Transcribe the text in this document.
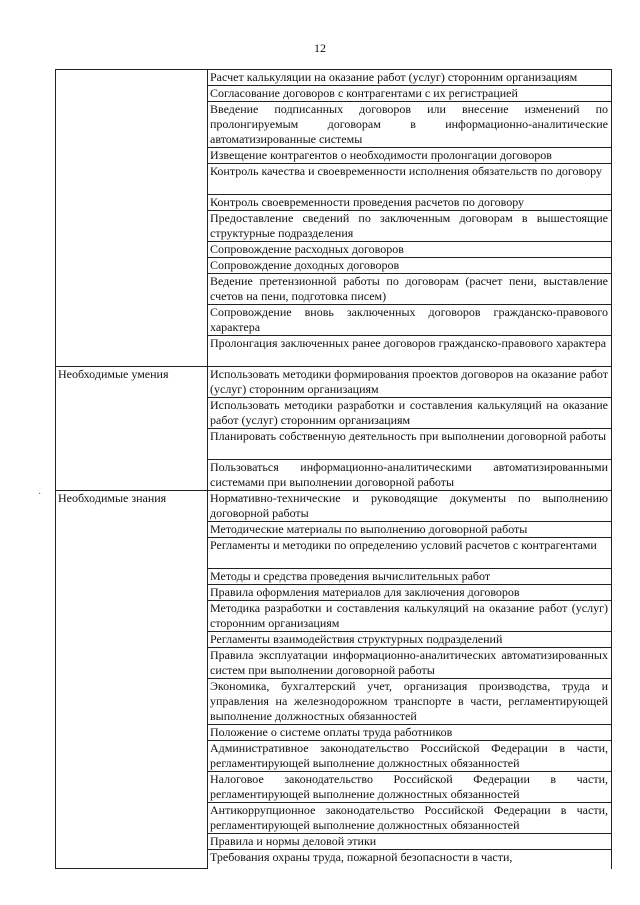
12
·
	Расчет калькуляции на оказание работ (услуг) сторонним организациям
	Согласование договоров с контрагентами с их регистрацией
	Введение подписанных договоров или внесение изменений по пролонгируемым договорам в информационно-аналитические автоматизированные системы
	Извещение контрагентов о необходимости пролонгации договоров
	Контроль качества и своевременности исполнения обязательств по договору
	Контроль своевременности проведения расчетов по договору
	Предоставление сведений по заключенным договорам в вышестоящие структурные подразделения
	Сопровождение расходных договоров
	Сопровождение доходных договоров
	Ведение претензионной работы по договорам (расчет пени, выставление счетов на пени, подготовка писем)
	Сопровождение вновь заключенных договоров гражданско-правового характера
	Пролонгация заключенных ранее договоров гражданско-правового характера
Необходимые умения	Использовать методики формирования проектов договоров на оказание работ (услуг) сторонним организациям
	Использовать методики разработки и составления калькуляций на оказание работ (услуг) сторонним организациям
	Планировать собственную деятельность при выполнении договорной работы
	Пользоваться информационно-аналитическими автоматизированными системами при выполнении договорной работы
Необходимые знания	Нормативно-технические и руководящие документы по выполнению договорной работы
	Методические материалы по выполнению договорной работы
	Регламенты и методики по определению условий расчетов с контрагентами
	Методы и средства проведения вычислительных работ
	Правила оформления материалов для заключения договоров
	Методика разработки и составления калькуляций на оказание работ (услуг) сторонним организациям
	Регламенты взаимодействия структурных подразделений
	Правила эксплуатации информационно-аналитических автоматизированных систем при выполнении договорной работы
	Экономика, бухгалтерский учет, организация производства, труда и управления на железнодорожном транспорте в части, регламентирующей выполнение должностных обязанностей
	Положение о системе оплаты труда работников
	Административное законодательство Российской Федерации в части, регламентирующей выполнение должностных обязанностей
	Налоговое законодательство Российской Федерации в части, регламентирующей выполнение должностных обязанностей
	Антикоррупционное законодательство Российской Федерации в части, регламентирующей выполнение должностных обязанностей
	Правила и нормы деловой этики
	Требования охраны труда, пожарной безопасности в части,
